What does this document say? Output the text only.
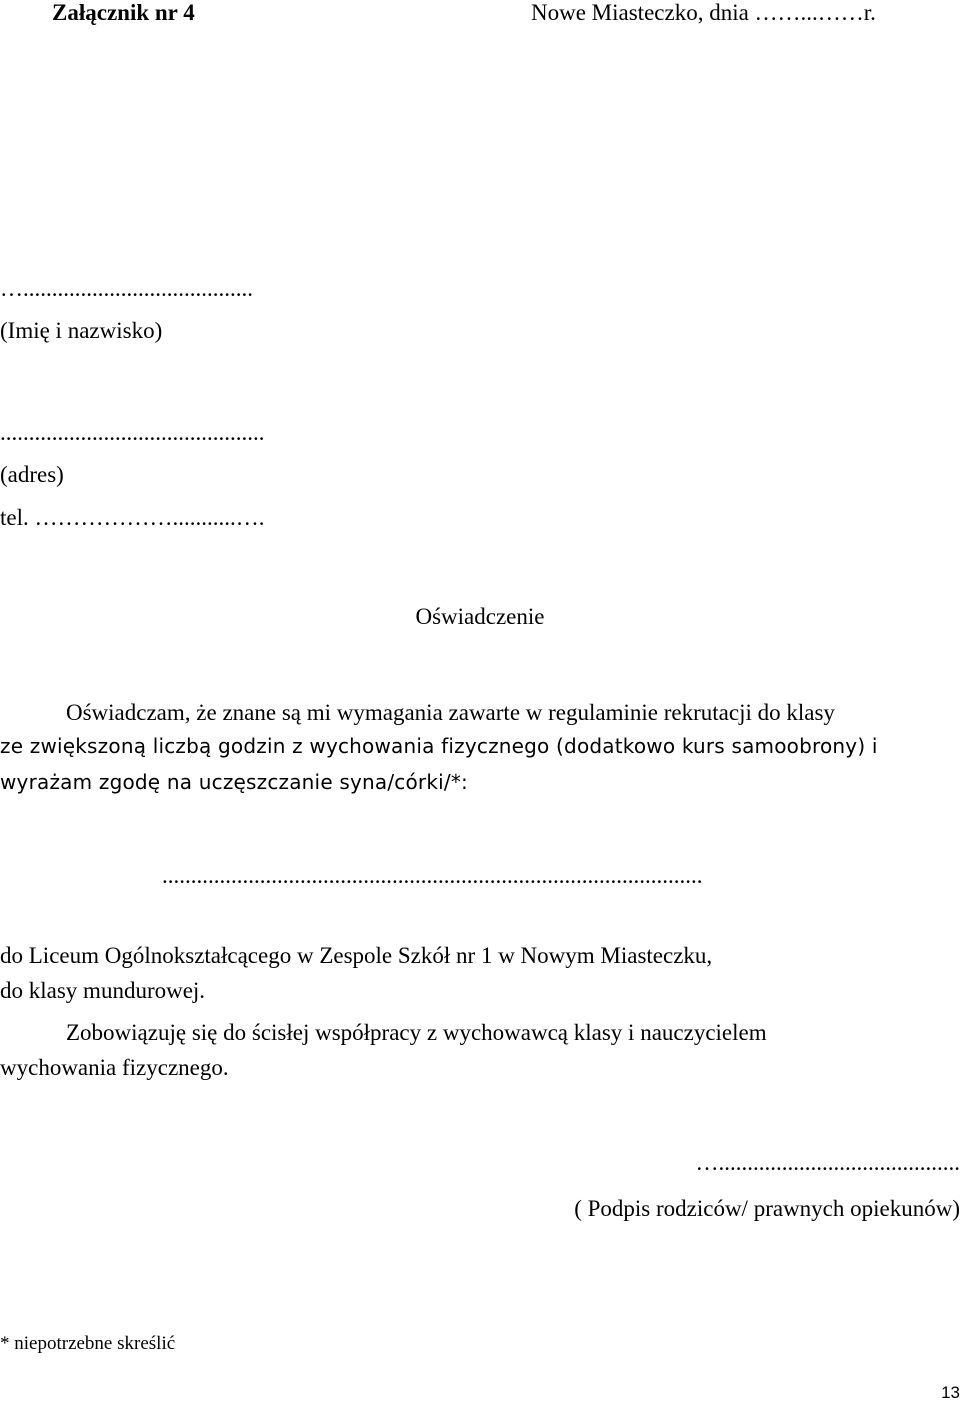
Załącznik nr 4	Nowe Miasteczko, dnia ……...……r.
…........................................
(Imię i nazwisko)
..............................................
(adres)
tel. ………………...........….
Oświadczenie
Oświadczam, że znane są mi wymagania zawarte w regulaminie rekrutacji do klasy
ze zwiększoną liczbą godzin z wychowania fizycznego (dodatkowo kurs samoobrony) i
wyrażam zgodę na uczęszczanie syna/córki/*:
..............................................................................................
do Liceum Ogólnokształcącego w Zespole Szkół nr 1 w Nowym Miasteczku,
do klasy mundurowej.
Zobowiązuję się do ścisłej współpracy z wychowawcą klasy i nauczycielem
wychowania fizycznego.
…..........................................
( Podpis rodziców/ prawnych opiekunów)
* niepotrzebne skreślić
13
